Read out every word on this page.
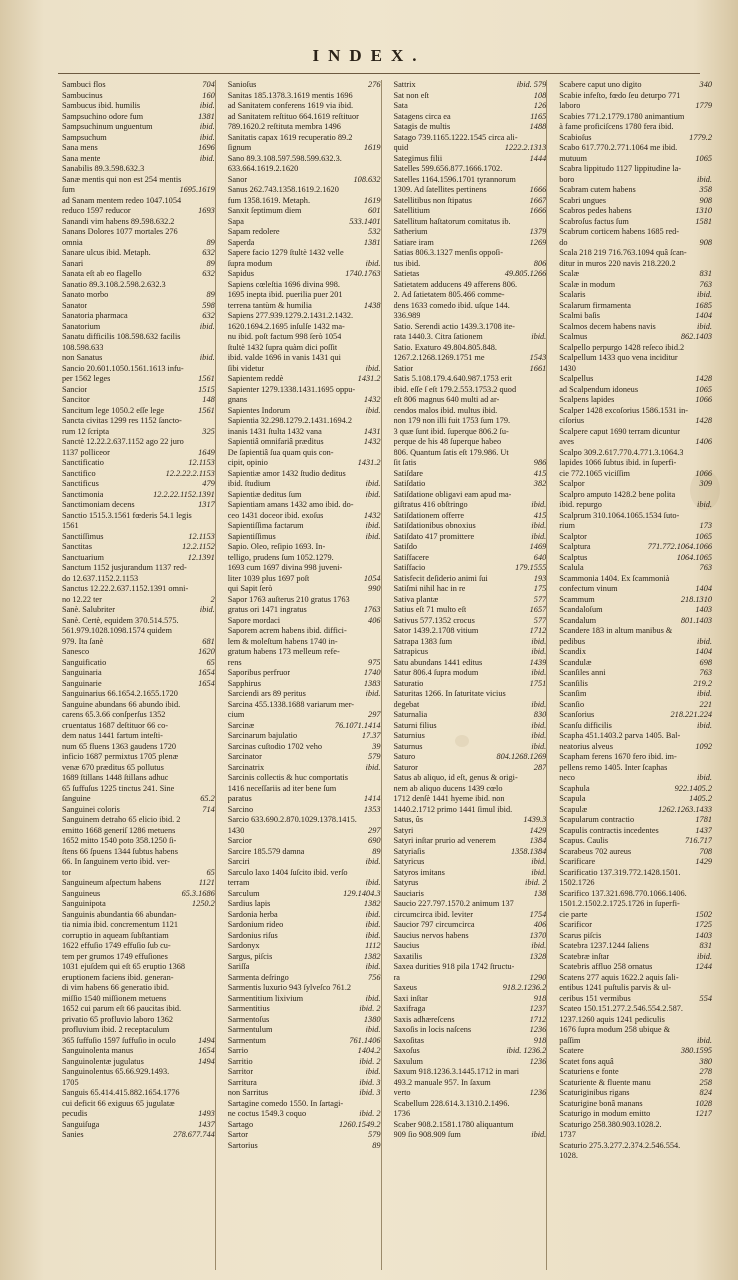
INDEX.
Sambuci flos	704
Sambucinus	160
Sambucus ibid. humilis	ibid.
Sampsuchino odore fum	1381
Sampsuchinum unguentum	ibid.
Sampsuchum	ibid.
Sana mens	1696
Sana mente	ibid.
Sanabilis 89.3.598.632.3
Sanæ mentis qui non est 254 mentis
ſum	1695.1619
ad Sanam mentem redeo 1047.1054
reduco 1597 reducor	1693
Sanandi vim habens 89.598.632.2
Sanans Dolores 1077 mortales 276
omnia	89
Sanare ulcus ibid. Metaph.	632
Sanari	89
Sanata eſt ab eo flagello	632
Sanatio 89.3.108.2.598.2.632.3
Sanato morbo	89
Sanator	598
Sanatoria pharmaca	632
Sanatorium	ibid.
Sanatu difficilis 108.598.632 facilis
108.598.633
non Sanatus	ibid.
Sancio 20.601.1050.1561.1613 infu-
per 1562 leges	1561
Sancior	1515
Sancitor	148
Sancitum lege 1050.2 eſſe lege	1561
Sancta civitas 1299 res 1152 ſancto-
rum 12 ſcripta	325
Sanctè 12.22.2.637.1152 ago 22 juro
1137 polliceor	1649
Sanctificatio	12.1153
Sanctifico	12.2.22.2.1153
Sanctificus	479
Sanctimonia	12.2.22.1152.1391
Sanctimoniam decens	1317
Sanctio 1515.3.1561 fœderis 54.1 legis
1561
Sanctiſſimus	12.1153
Sanctitas	12.2.1152
Sanctuarium	12.1391
Sanctum 1152 jusjurandum 1137 red-
do 12.637.1152.2.1153
Sanctus 12.22.2.637.1152.1391 omni-
no 12.22 ter	2
Sanè. Salubriter	ibid.
Sanè. Certè, equidem 370.514.575.
561.979.1028.1098.1574 quidem
979. Ita ſanè	681
Sanesco	1620
Sanguificatio	65
Sanguinaria	1654
Sanguinarie	1654
Sanguinarius 66.1654.2.1655.1720
Sanguine abundans 66 abundo ibid.
carens 65.3.66 conſperſus 1352
cruentatus 1687 deſtituor 66 co-
dem natus 1441 fartum inteſti-
num 65 fluens 1363 gaudens 1720
inficio 1687 permixtus 1705 plenæ
venæ 670 præditus 65 pollutus
1689 ſtillans 1448 ſtillans adhuc
65 ſuffuſus 1225 tinctus 241. Sine
ſanguine	65.2
Sanguinei coloris	714
Sanguinem detraho 65 elicio ibid. 2
emitto 1668 generiſ 1286 metuens
1652 mitto 1540 poto 358.1250 ſi-
ſtens 66 ſpuens 1344 ſubtus habens
66. In ſanguinem verto ibid. ver-
tor	65
Sanguineum aſpectum habens	1121
Sanguineus	65.3.1686
Sanguinipota	1250.2
Sanguinis abundantia 66 abundan-
tia nimia ibid. concrementum 1121
corruptio in aqueam ſubſtantiam
1622 effuſio 1749 effuſio ſub cu-
tem per grumos 1749 effuſiones
1031 ejuſdem qui eſt 65 eruptio 1368
eruptionem faciens ibid. generan-
di vim habens 66 generatio ibid.
miſſio 1540 miſſionem metuens
1652 cui parum eſt 66 paucitas ibid.
privatio 65 profluvio laboro 1362
profluvium ibid. 2 receptaculum
365 ſuffuſio 1597 ſuffuſio in oculo	1494
Sanguinolenta manus	1654
Sanguinolentæ jugulatus	1494
Sanguinolentus 65.66.929.1493.
1705
Sanguis 65.414.415.882.1654.1776
cui deficit 66 exiguus 65 jugulatæ
pecudis	1493
Sanguiſuga	1437
Sanies	278.677.744
Sanioſus	276
Sanitas 185.1378.3.1619 mentis 1696
ad Sanitatem conferens 1619 via ibid.
ad Sanitatem reſtituo 664.1619 reſtituor
789.1620.2 reſtituta membra 1496
Sanitatis capax 1619 recuperatio 89.2
ſignum	1619
Sano 89.3.108.597.598.599.632.3.
633.664.1619.2.1620
Sanor	108.632
Sanus 262.743.1358.1619.2.1620
fum 1358.1619. Metaph.	1619
Sanxit ſeptimum diem	601
Sapa	533.1401
Sapam redolere	532
Saperda	1381
Sapere facio 1279 ſtultè 1432 velle
ſupra modum	ibid.
Sapidus	1740.1763
Sapiens cœleſtia 1696 divina 998.
1695 inepta ibid. puerilia puer 201
terrena tantùm & humilia	1438
Sapiens 277.939.1279.2.1431.2.1432.
1620.1694.2.1695 inſulſe 1432 ma-
nu ibid. poſt factum 998 ſerò 1054
ſtultè 1432 ſupra quàm dici poſſit
ibid. valde 1696 in vanis 1431 qui
ſibi videtur	ibid.
Sapientem reddè	1431.2
Sapienter 1279.1338.1431.1695 oppu-
gnans	1432
Sapientes Indorum	ibid.
Sapientia 32.298.1279.2.1431.1694.2
inanis 1431 ſtulta 1432 vana	1431
Sapientiâ omnifariâ præditus	1432
De ſapientiâ ſua quam quis con-
cipit, opinio	1431.2
Sapientiæ amor 1432 ſtudio deditus
ibid. ſtudium	ibid.
Sapientiæ deditus ſum	ibid.
Sapientiam amans 1432 amo ibid. do-
ceo 1431 doceor ibid. exoſus	1432
Sapientiſſima factarum	ibid.
Sapientiſſimus	ibid.
Sapio. Oleo, reſipio 1693. In-
telligo, prudens ſum 1052.1279.
1693 cum 1697 divina 998 juveni-
liter 1039 plus 1697 poſt	1054
qui Sapit ſerò	990
Sapor 1763 auſterus 210 gratus 1763
gratus ori 1471 ingratus	1763
Sapore mordaci	406
Saporem acrem habens ibid. diffici-
lem & moleſtum habens 1740 in-
gratum habens 173 melleum refe-
rens	975
Saporibus perfruor	1740
Sapphirus	1383
Sarciendi ars 89 peritus	ibid.
Sarcina 455.1338.1688 variarum mer-
cium	297
Sarcinæ	76.1071.1414
Sarcinarum bajulatio	17.37
Sarcinas cuſtodio 1702 veho	39
Sarcinator	579
Sarcinatrix	ibid.
Sarcinis collectis & huc comportatis
1416 neceſſariis ad iter bene ſum
paratus	1414
Sarcino	1353
Sarcio 633.690.2.870.1029.1378.1415.
1430	297
Sarcior	690
Sarcire 185.579 damna	89
Sarciri	ibid.
Sarculo laxo 1404 ſuſcito ibid. verſo
terram	ibid.
Sarculum	129.1404.3
Sardius lapis	1382
Sardonia herba	ibid.
Sardonium rideo	ibid.
Sardonius riſus	ibid.
Sardonyx	1112
Sargus, piſcis	1382
Sariſſa	ibid.
Sarmenta deſringo	756
Sarmentis luxurio 943 ſylveſco 761.2
Sarmentitium lixivium	ibid.
Sarmentitius	ibid. 2
Sarmentoſus	1380
Sarmentulum	ibid.
Sarmentum	761.1406
Sarrio	1404.2
Sarritio	ibid. 2
Sarritor	ibid.
Sarritura	ibid. 3
non Sarritus	ibid. 3
Sartagine comedo 1550. In ſartagi-
ne coctus 1549.3 coquo	ibid. 2
Sartago	1260.1549.2
Sartor	579
Sartorius	89
Sattrix	ibid. 579
Sat non eſt	108
Sata	126
Satagens circa ea	1165
Satagis de multis	1488
Satago 739.1165.1222.1545 circa ali-
quid	1222.2.1313
Sategimus filii	1444
Satelles 599.656.877.1666.1702.
Satelles 1164.1596.1701 tyrannorum
1309. Ad ſatellites pertinens	1666
Satellitibus non ſtipatus	1667
Satellitium	1666
Satellitum haſtatorum comitatus ib.
Satherium	1379
Satiare iram	1269
Satias 806.3.1327 menſis oppoſi-
tus ibid.	806
Satietas	49.805.1266
Satietatem adducens 49 afferens 806.
2. Ad ſatietatem 805.466 comme-
dens 1633 comedo ibid. uſque 144.
336.989
Satio. Serendi actio 1439.3.1708 ite-
rata 1440.3. Citra ſationem	ibid.
Satio. Exaturo 49.804.805.848.
1267.2.1268.1269.1751 me	1543
Satior	1661
Satis 5.108.179.4.640.987.1753 erit
ibid. eſſe ſ eſt 179.2.553.1753.2 quod
eſt 806 magnus 640 multi ad ar-
cendos malos ibid. multus ibid.
non 179 non illi fuit 1753 ſum 179.
3 quæ ſunt ibid. ſuperque 806.2 ſu-
perque de his 48 ſuperque habeo
806. Quantum ſatis eſt 179.986. Ut
ſit ſatis	986
Satiſdare	415
Satiſdatio	382
Satiſdatione obligavi eam apud ma-
giſtratus 416 obſtringo	ibid.
Satiſdationem offerre	415
Satiſdationibus obnoxius	ibid.
Satiſdato 417 promittere	ibid.
Satiſdo	1469
Satiſfacere	640
Satiſfacio	179.1555
Satisfecit deſiderio animi ſui	193
Satiſmi nihil hac in re	175
Sativa plantæ	577
Satius eſt 71 multo eſt	1657
Sativus 577.1352 crocus	577
Sator 1439.2.1708 vitium	1712
Satrapa 1383 ſum	ibid.
Satrapicus	ibid.
Satu abundans 1441 editus	1439
Satur 806.4 ſupra modum	ibid.
Saturatio	1751
Saturitas 1266. In ſaturitate vicius
degebat	ibid.
Saturnalia	830
Saturni filius	ibid.
Saturnius	ibid.
Saturnus	ibid.
Saturo	804.1268.1269
Saturor	287
Satus ab aliquo, id eſt, genus & origi-
nem ab aliquo ducens 1439 cœlo
1712 denſè 1441 hyeme ibid. non
1440.2.1712 primo 1441 ſimul ibid.
Satus, ûs	1439.3
Satyri	1429
Satyri inſtar prurio ad venerem	1384
Satyriaſis	1358.1384
Satyricus	ibid.
Satyros imitans	ibid.
Satyrus	ibid. 2
Sauciaris	138
Saucio 227.797.1570.2 animum 137
circumcirca ibid. leviter	1754
Saucior 797 circumcirca	406
Saucius nervos habens	1370
Saucius	ibid.
Saxatilis	1328
Saxea durities 918 pila 1742 ſtructu-
ra	1290
Saxeus	918.2.1236.2
Saxi inſtar	918
Saxifraga	1237
Saxis adhæreſcens	1712
Saxoſis in locis naſcens	1236
Saxoſitas	918
Saxoſus	ibid. 1236.2
Saxulum	1236
Saxum 918.1236.3.1445.1712 in mari
493.2 manuale 957. In ſaxum
verto	1236
Scabellum 228.614.3.1310.2.1496.
1736
Scaber 908.2.1581.1780 aliquantum
909 ſio 908.909 ſum	ibid.
Scabere caput uno digito	340
Scabie infeſto, fœdo ſeu deturpo 771
laboro	1779
Scabies 771.2.1779.1780 animantium
à fame proficiſcens 1780 fera ibid.
Scabioſus	1779.2
Scabo 617.770.2.771.1064 me ibid.
mutuum	1065
Scabra lippitudo 1127 lippitudine la-
boro	ibid.
Scabram cutem habens	358
Scabri ungues	908
Scabros pedes habens	1310
Scabroſus factus ſum	1581
Scabrum corticem habens 1685 red-
do	908
Scala 218 219 716.763.1094 quâ ſcan-
ditur in muros 220 navis 218.220.2
Scalæ	831
Scalæ in modum	763
Scalaris	ibid.
Scalarum firmamenta	1685
Scalmi baſis	1404
Scalmos decem habens navis	ibid.
Scalmus	862.1403
Scalpello perpurgo 1428 reſeco ibid.2
Scalpellum 1433 quo vena inciditur
1430
Scalpellus	1428
ad Scalpendum idoneus	1065
Scalpens lapides	1066
Scalper 1428 excoſorius 1586.1531 in-
ciſorius	1428
Scalpere caput 1690 terram dicuntur
aves	1406
Scalpo 309.2.617.770.4.771.3.1064.3
lapides 1066 ſubtus ibid. in ſuperfi-
cie 772.1065 viciſſim	1066
Scalpor	309
Scalpro amputo 1428.2 bene polita
ibid. repurgo	ibid.
Scalprum 310.1064.1065.1534 ſuto-
rium	173
Scalptor	1065
Scalptura	771.772.1064.1066
Scalptus	1064.1065
Scalula	763
Scammonia 1404. Ex ſcammonià
confectum vinum	1404
Scammum	218.1310
Scandaloſum	1403
Scandalum	801.1403
Scandere 183 in altum manibus &
pedibus	ibid.
Scandix	1404
Scandulæ	698
Scanſiles anni	763
Scanſilis	219.2
Scanſim	ibid.
Scanſio	221
Scanſorius	218.221.224
Scanſu difficilis	ibid.
Scapha 451.1403.2 parva 1405. Bal-
neatorius alveus	1092
Scapham ferens 1670 fero ibid. im-
pellens remo 1405. Inter ſcaphas
neco	ibid.
Scaphula	922.1405.2
Scapula	1405.2
Scapulæ	1262.1263.1433
Scapularum contractio	1781
Scapulis contractis incedentes	1437
Scapus. Caulis	716.717
Scarabeus 702 aureus	708
Scarificare	1429
Scarificatio 137.319.772.1428.1501.
1502.1726
Scarifico 137.321.698.770.1066.1406.
1501.2.1502.2.1725.1726 in ſuperfi-
cie parte	1502
Scarificor	1725
Scarus piſcis	1403
Scatebra 1237.1244 ſaliens	831
Scatebræ inſtar	ibid.
Scatebris affluo 258 ornatus	1244
Scatens 277 aquis 1622.2 aquis ſali-
entibus 1241 puſtulis parvis & ul-
ceribus 151 vermibus	554
Scateo 150.151.277.2.546.554.2.587.
1237.1260 aquis 1241 pediculis
1676 ſupra modum 258 ubique &
paſſim	ibid.
Scatere	380.1595
Scatet fons aquâ	380
Scaturiens e fonte	278
Scaturiente & fluente manu	258
Scaturiginibus rigans	824
Scaturigine bonâ manans	1028
Scaturigo in modum emitto	1217
Scaturigo 258.380.903.1028.2.
1737
Scaturio 275.3.277.2.374.2.546.554.
1028.
